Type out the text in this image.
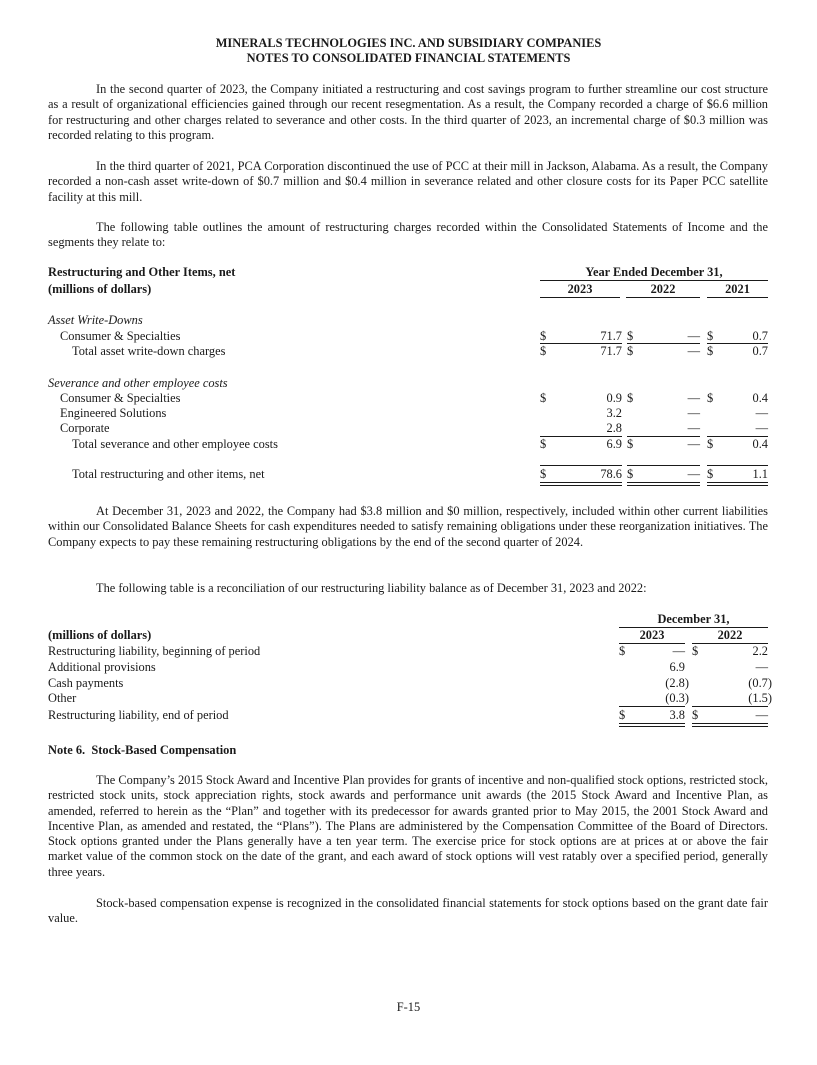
MINERALS TECHNOLOGIES INC. AND SUBSIDIARY COMPANIES
NOTES TO CONSOLIDATED FINANCIAL STATEMENTS
In the second quarter of 2023, the Company initiated a restructuring and cost savings program to further streamline our cost structure as a result of organizational efficiencies gained through our recent resegmentation. As a result, the Company recorded a charge of $6.6 million for restructuring and other charges related to severance and other costs. In the third quarter of 2023, an incremental charge of $0.3 million was recorded relating to this program.
In the third quarter of 2021, PCA Corporation discontinued the use of PCC at their mill in Jackson, Alabama. As a result, the Company recorded a non-cash asset write-down of $0.7 million and $0.4 million in severance related and other closure costs for its Paper PCC satellite facility at this mill.
The following table outlines the amount of restructuring charges recorded within the Consolidated Statements of Income and the segments they relate to:
Restructuring and Other Items, net
(millions of dollars)
Year Ended December 31,
2023	2022	2021
Asset Write-Downs
Consumer & Specialties	$	71.7 $	— $	0.7
Total asset write-down charges	$	71.7 $	— $	0.7
Severance and other employee costs
Consumer & Specialties	$	0.9 $	— $	0.4
Engineered Solutions	3.2	—	—
Corporate	2.8	—	—
Total severance and other employee costs	$	6.9 $	— $	0.4
Total restructuring and other items, net	$	78.6 $	— $	1.1
At December 31, 2023 and 2022, the Company had $3.8 million and $0 million, respectively, included within other current liabilities within our Consolidated Balance Sheets for cash expenditures needed to satisfy remaining obligations under these reorganization initiatives. The Company expects to pay these remaining restructuring obligations by the end of the second quarter of 2024.
The following table is a reconciliation of our restructuring liability balance as of December 31, 2023 and 2022:
December 31,
(millions of dollars)	2023	2022
Restructuring liability, beginning of period	$	— $	2.2
Additional provisions	6.9	—
Cash payments	(2.8)	(0.7)
Other	(0.3)	(1.5)
Restructuring liability, end of period	$	3.8 $	—
Note 6.  Stock-Based Compensation
The Company’s 2015 Stock Award and Incentive Plan provides for grants of incentive and non-qualified stock options, restricted stock, restricted stock units, stock appreciation rights, stock awards and performance unit awards (the 2015 Stock Award and Incentive Plan, as amended, referred to herein as the “Plan” and together with its predecessor for awards granted prior to May 2015, the 2001 Stock Award and Incentive Plan, as amended and restated, the “Plans”). The Plans are administered by the Compensation Committee of the Board of Directors. Stock options granted under the Plans generally have a ten year term. The exercise price for stock options are at prices at or above the fair market value of the common stock on the date of the grant, and each award of stock options will vest ratably over a specified period, generally three years.
Stock-based compensation expense is recognized in the consolidated financial statements for stock options based on the grant date fair value.
F-15
